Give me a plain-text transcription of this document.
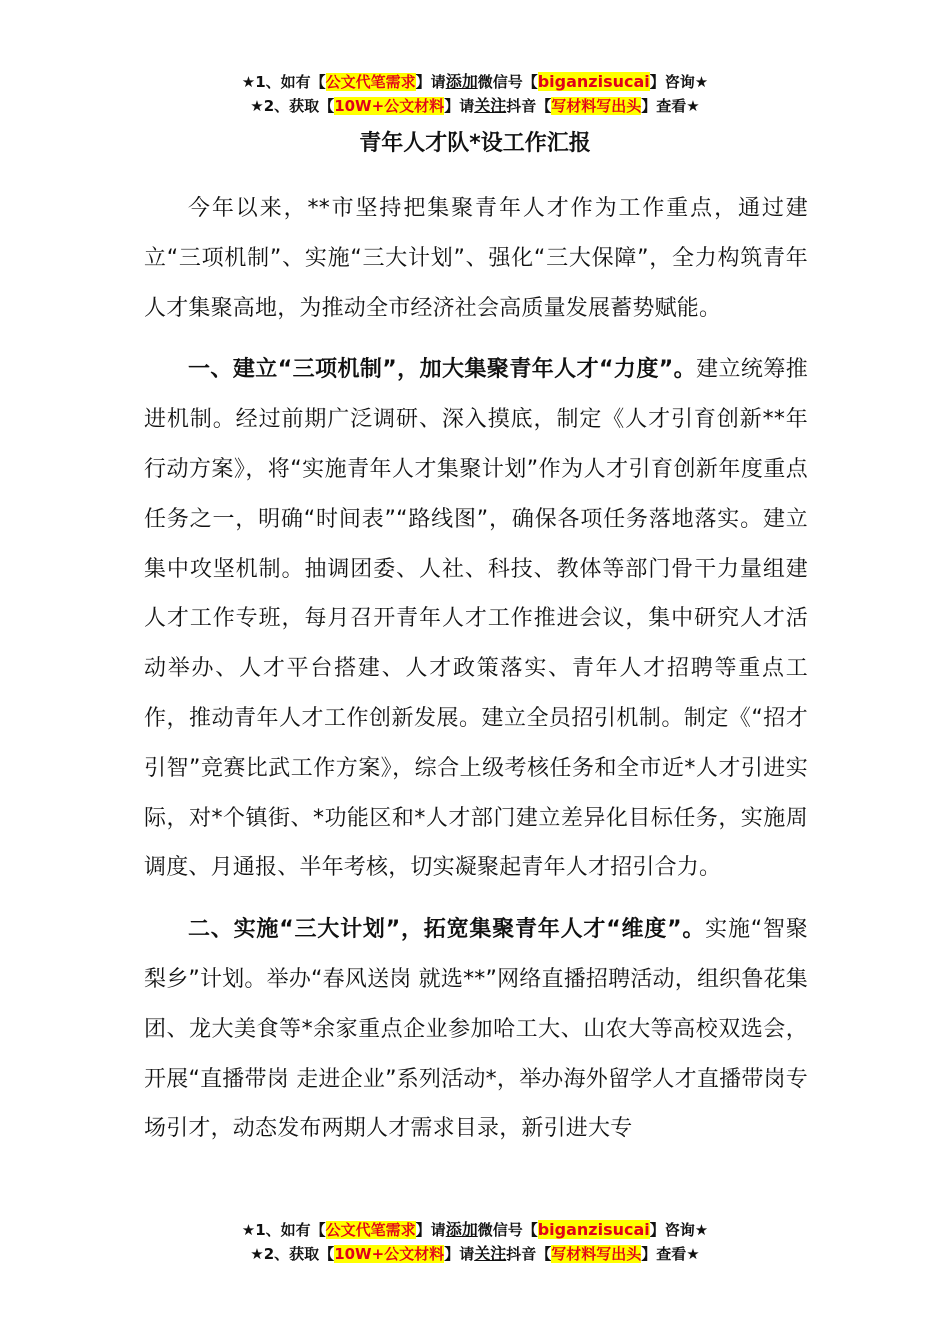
★1、如有【公文代笔需求】请添加微信号【biganzisucai】咨询★
★2、获取【10W+公文材料】请关注抖音【写材料写出头】查看★
青年人才队*设工作汇报

今年以来，**市坚持把集聚青年人才作为工作重点，通过建立“三项机制”、实施“三大计划”、强化“三大保障”，全力构筑青年人才集聚高地，为推动全市经济社会高质量发展蓄势赋能。

一、建立“三项机制”，加大集聚青年人才“力度”。建立统筹推进机制。经过前期广泛调研、深入摸底，制定《人才引育创新**年行动方案》，将“实施青年人才集聚计划”作为人才引育创新年度重点任务之一，明确“时间表”“路线图”，确保各项任务落地落实。建立集中攻坚机制。抽调团委、人社、科技、教体等部门骨干力量组建人才工作专班，每月召开青年人才工作推进会议，集中研究人才活动举办、人才平台搭建、人才政策落实、青年人才招聘等重点工作，推动青年人才工作创新发展。建立全员招引机制。制定《“招才引智”竞赛比武工作方案》，综合上级考核任务和全市近*人才引进实际，对*个镇街、*功能区和*人才部门建立差异化目标任务，实施周调度、月通报、半年考核，切实凝聚起青年人才招引合力。

二、实施“三大计划”，拓宽集聚青年人才“维度”。实施“智聚梨乡”计划。举办“春风送岗 就选**”网络直播招聘活动，组织鲁花集团、龙大美食等*余家重点企业参加哈工大、山农大等高校双选会，开展“直播带岗 走进企业”系列活动*，举办海外留学人才直播带岗专场引才，动态发布两期人才需求目录，新引进大专

★1、如有【公文代笔需求】请添加微信号【biganzisucai】咨询★
★2、获取【10W+公文材料】请关注抖音【写材料写出头】查看★
